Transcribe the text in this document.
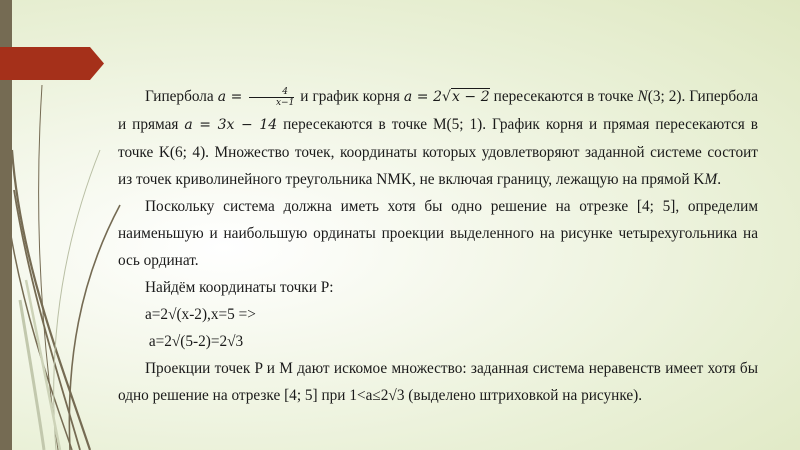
Гипербола $a = \frac{4}{x-1}$ и график корня a = 2√x − 2 пересекаются в точке N(3; 2). Гипербола и прямая a = 3x − 14 пересекаются в точке M(5; 1). График корня и прямая пересекаются в точке K(6; 4). Множество точек, координаты которых удовлетворяют заданной системе состоит из точек криволинейного треугольника NMK, не включая границу, лежащую на прямой KM.

Поскольку система должна иметь хотя бы одно решение на отрезке [4; 5], определим наименьшую и наибольшую ординаты проекции выделенного на рисунке четырехугольника на ось ординат.

Найдём координаты точки P:

a=2√(x-2),x=5 =>

a=2√(5-2)=2√3

Проекции точек P и M дают искомое множество: заданная система неравенств имеет хотя бы одно решение на отрезке [4; 5] при 1<a≤2√3 (выделено штриховкой на рисунке).
